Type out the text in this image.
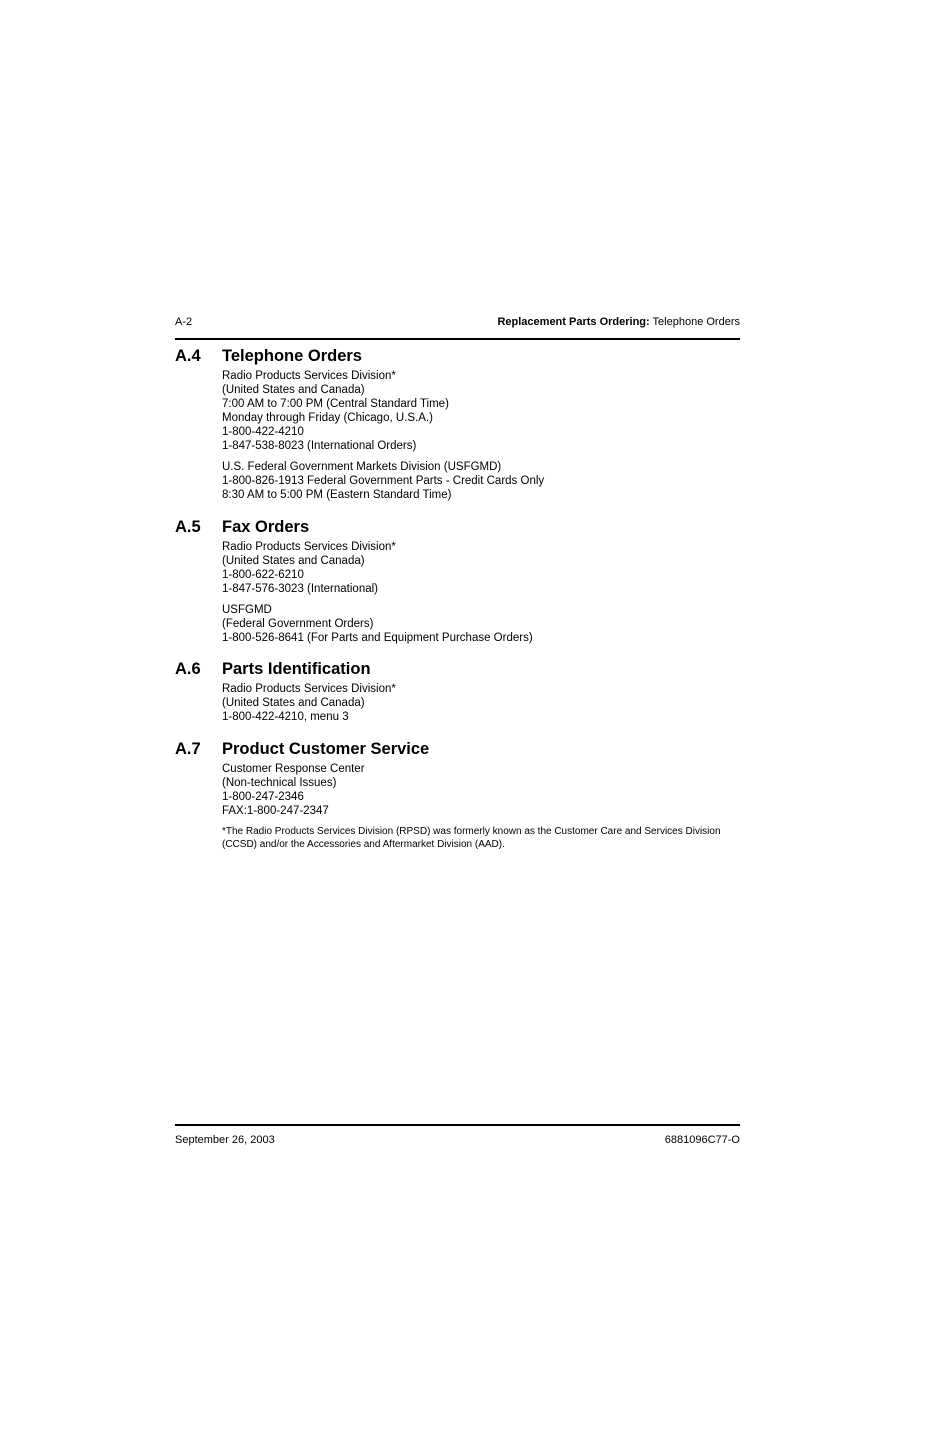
A-2	Replacement Parts Ordering: Telephone Orders
A.4 Telephone Orders
Radio Products Services Division*
(United States and Canada)
7:00 AM to 7:00 PM (Central Standard Time)
Monday through Friday (Chicago, U.S.A.)
1-800-422-4210
1-847-538-8023 (International Orders)
U.S. Federal Government Markets Division (USFGMD)
1-800-826-1913 Federal Government Parts - Credit Cards Only
8:30 AM to 5:00 PM (Eastern Standard Time)
A.5 Fax Orders
Radio Products Services Division*
(United States and Canada)
1-800-622-6210
1-847-576-3023 (International)
USFGMD
(Federal Government Orders)
1-800-526-8641 (For Parts and Equipment Purchase Orders)
A.6 Parts Identification
Radio Products Services Division*
(United States and Canada)
1-800-422-4210, menu 3
A.7 Product Customer Service
Customer Response Center
(Non-technical Issues)
1-800-247-2346
FAX:1-800-247-2347
*The Radio Products Services Division (RPSD) was formerly known as the Customer Care and Services Division (CCSD) and/or the Accessories and Aftermarket Division (AAD).
September 26, 2003	6881096C77-O
